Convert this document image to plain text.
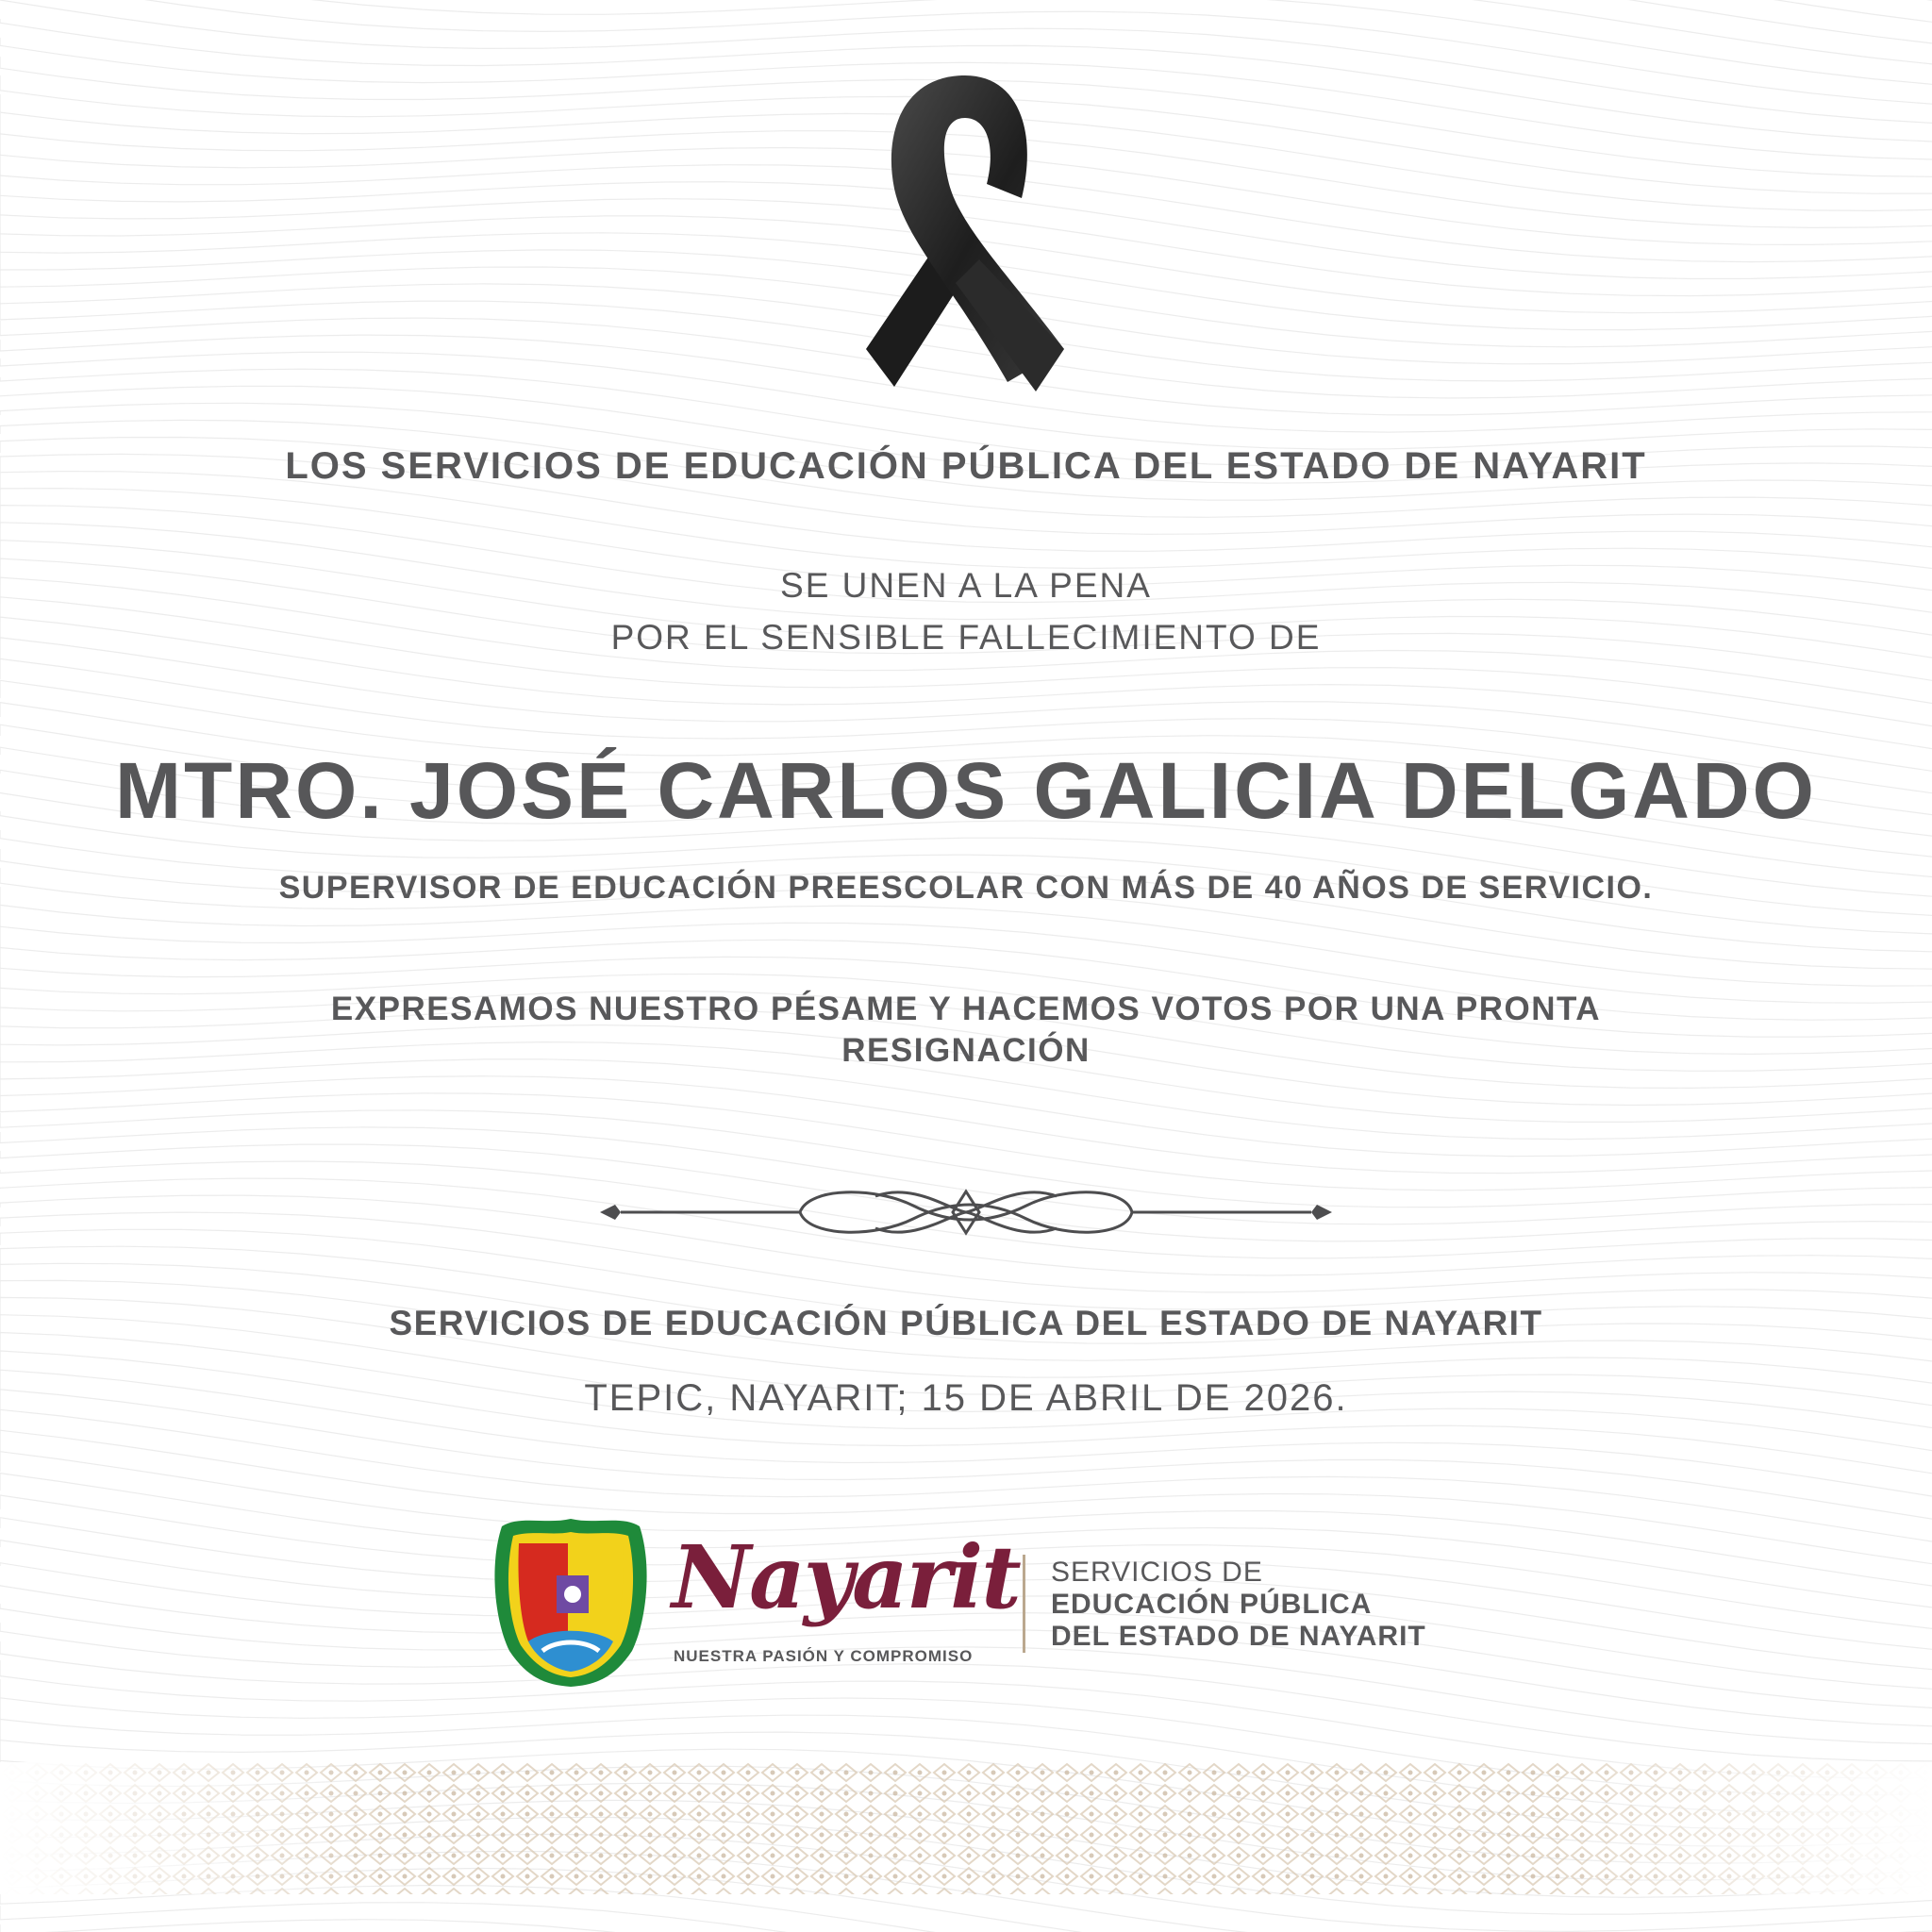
LOS SERVICIOS DE EDUCACIÓN PÚBLICA DEL ESTADO DE NAYARIT
SE UNEN A LA PENA
POR EL SENSIBLE FALLECIMIENTO DE
MTRO. JOSÉ CARLOS GALICIA DELGADO
SUPERVISOR DE EDUCACIÓN PREESCOLAR CON MÁS DE 40 AÑOS DE SERVICIO.
EXPRESAMOS NUESTRO PÉSAME Y HACEMOS VOTOS POR UNA PRONTA RESIGNACIÓN
SERVICIOS DE EDUCACIÓN PÚBLICA DEL ESTADO DE NAYARIT
TEPIC, NAYARIT; 15 DE ABRIL DE 2026.
Nayarit
NUESTRA PASIÓN Y COMPROMISO
SERVICIOS DE
EDUCACIÓN PÚBLICA
DEL ESTADO DE NAYARIT
